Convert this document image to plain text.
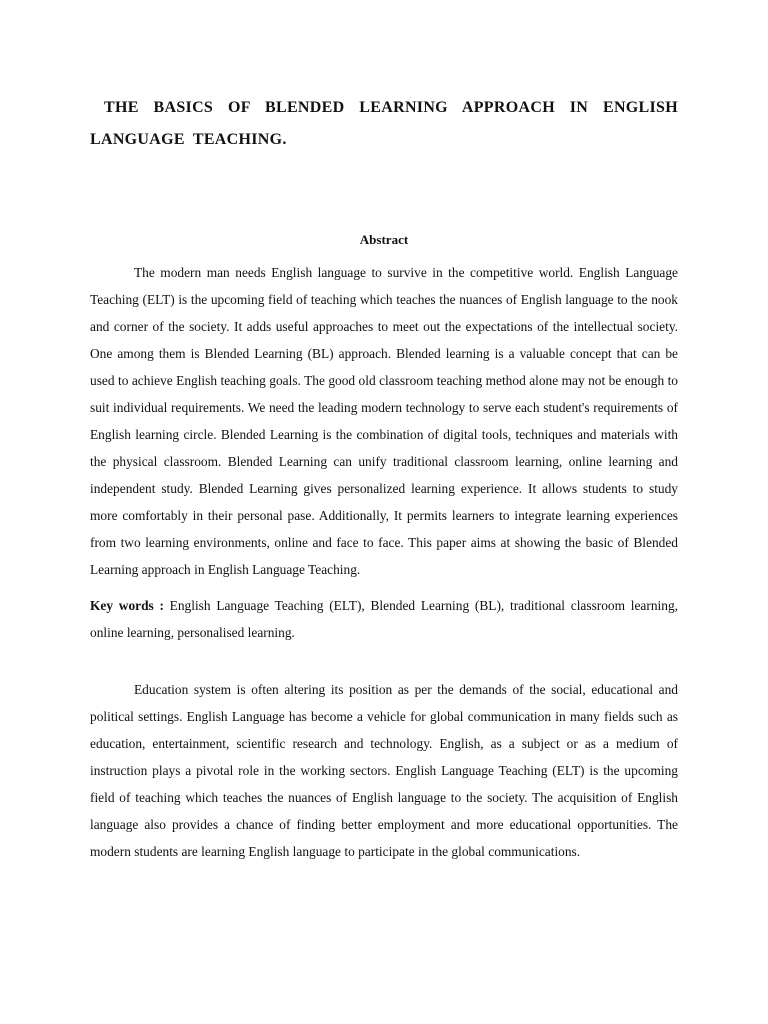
THE BASICS OF BLENDED LEARNING APPROACH IN ENGLISH LANGUAGE TEACHING.
Abstract

The modern man needs English language to survive in the competitive world. English Language Teaching (ELT) is the upcoming field of teaching which teaches the nuances of English language to the nook and corner of the society. It adds useful approaches to meet out the expectations of the intellectual society. One among them is Blended Learning (BL) approach. Blended learning is a valuable concept that can be used to achieve English teaching goals. The good old classroom teaching method alone may not be enough to suit individual requirements. We need the leading modern technology to serve each student's requirements of English learning circle. Blended Learning is the combination of digital tools, techniques and materials with the physical classroom. Blended Learning can unify traditional classroom learning, online learning and independent study. Blended Learning gives personalized learning experience. It allows students to study more comfortably in their personal pase. Additionally, It permits learners to integrate learning experiences from two learning environments, online and face to face. This paper aims at showing the basic of Blended Learning approach in English Language Teaching.

Key words : English Language Teaching (ELT), Blended Learning (BL), traditional classroom learning, online learning, personalised learning.

Education system is often altering its position as per the demands of the social, educational and political settings. English Language has become a vehicle for global communication in many fields such as education, entertainment, scientific research and technology. English, as a subject or as a medium of instruction plays a pivotal role in the working sectors. English Language Teaching (ELT) is the upcoming field of teaching which teaches the nuances of English language to the society. The acquisition of English language also provides a chance of finding better employment and more educational opportunities. The modern students are learning English language to participate in the global communications.
